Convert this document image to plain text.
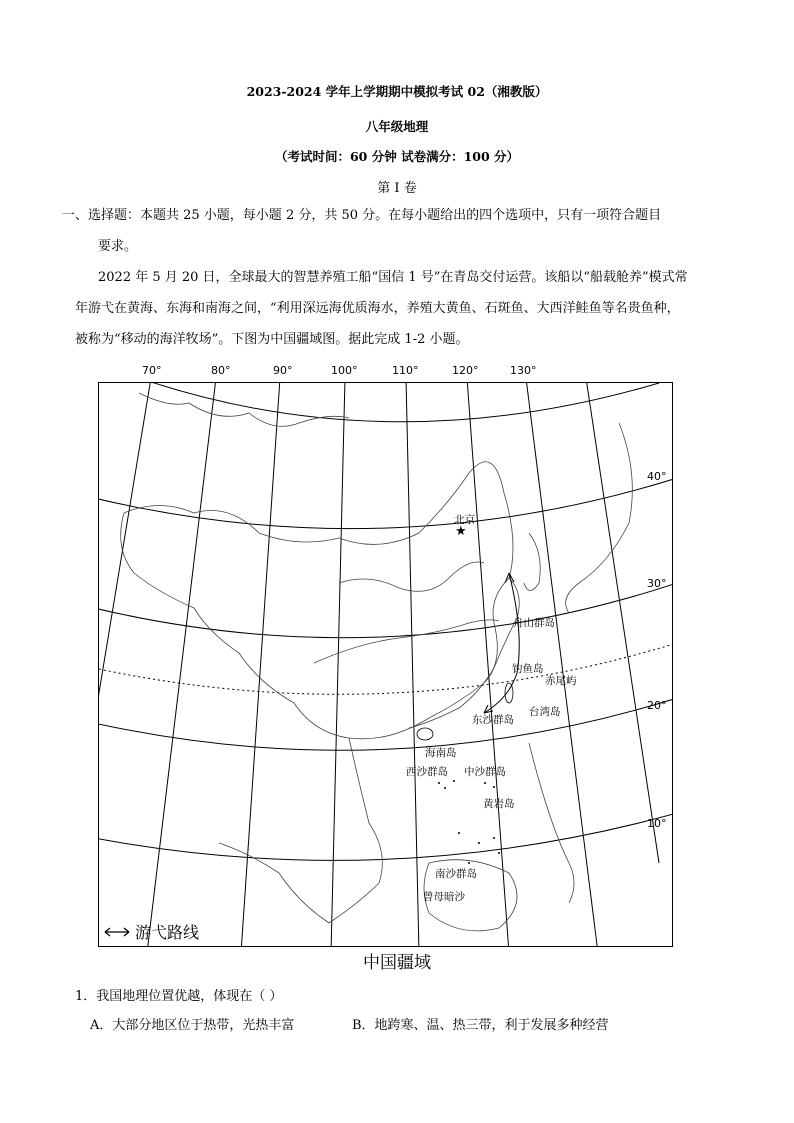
2023-2024 学年上学期期中模拟考试 02（湘教版）
八年级地理
（考试时间：60 分钟 试卷满分：100 分）
第 I 卷
一、选择题：本题共 25 小题，每小题 2 分，共 50 分。在每小题给出的四个选项中，只有一项符合题目
要求。
2022 年 5 月 20 日，全球最大的智慧养殖工船“国信 1 号”在青岛交付运营。该船以“船载舱养”模式常
年游弋在黄海、东海和南海之间，“利用深远海优质海水，养殖大黄鱼、石斑鱼、大西洋鲑鱼等名贵鱼种，
被称为“移动的海洋牧场”。下图为中国疆域图。据此完成 1-2 小题。
70°	80°	90°	100°	110°	120°	130°
★
北京
舟山群岛
钓鱼岛
赤尾屿
台湾岛
东沙群岛
海南岛
西沙群岛 中沙群岛
黄岩岛
南沙群岛
曾母暗沙
40°
30°
20°
10°
游弋路线
中国疆域
1．我国地理位置优越，体现在（ ）
A．大部分地区位于热带，光热丰富	B．地跨寒、温、热三带，利于发展多种经营
